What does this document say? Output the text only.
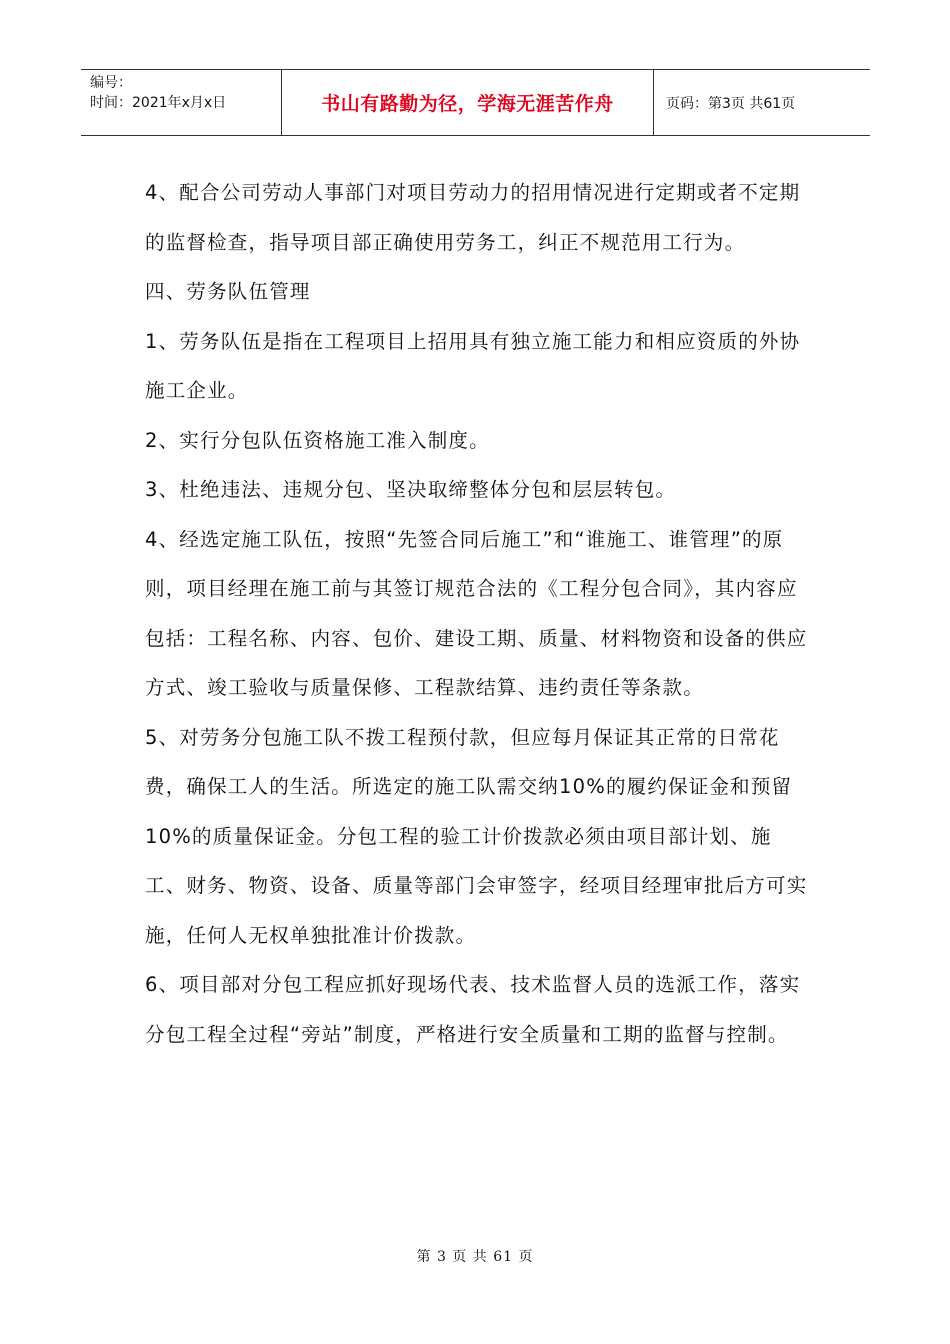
编号：
时间：2021年x月x日	书山有路勤为径，学海无涯苦作舟	页码：第3页 共61页

4、配合公司劳动人事部门对项目劳动力的招用情况进行定期或者不定期的监督检查，指导项目部正确使用劳务工，纠正不规范用工行为。

四、劳务队伍管理

1、劳务队伍是指在工程项目上招用具有独立施工能力和相应资质的外协施工企业。

2、实行分包队伍资格施工准入制度。

3、杜绝违法、违规分包、坚决取缔整体分包和层层转包。

4、经选定施工队伍，按照“先签合同后施工”和“谁施工、谁管理”的原则，项目经理在施工前与其签订规范合法的《工程分包合同》，其内容应包括：工程名称、内容、包价、建设工期、质量、材料物资和设备的供应方式、竣工验收与质量保修、工程款结算、违约责任等条款。

5、对劳务分包施工队不拨工程预付款，但应每月保证其正常的日常花费，确保工人的生活。所选定的施工队需交纳10%的履约保证金和预留10%的质量保证金。分包工程的验工计价拨款必须由项目部计划、施工、财务、物资、设备、质量等部门会审签字，经项目经理审批后方可实施，任何人无权单独批准计价拨款。

6、项目部对分包工程应抓好现场代表、技术监督人员的选派工作，落实分包工程全过程“旁站”制度，严格进行安全质量和工期的监督与控制。

第 3 页 共 61 页
